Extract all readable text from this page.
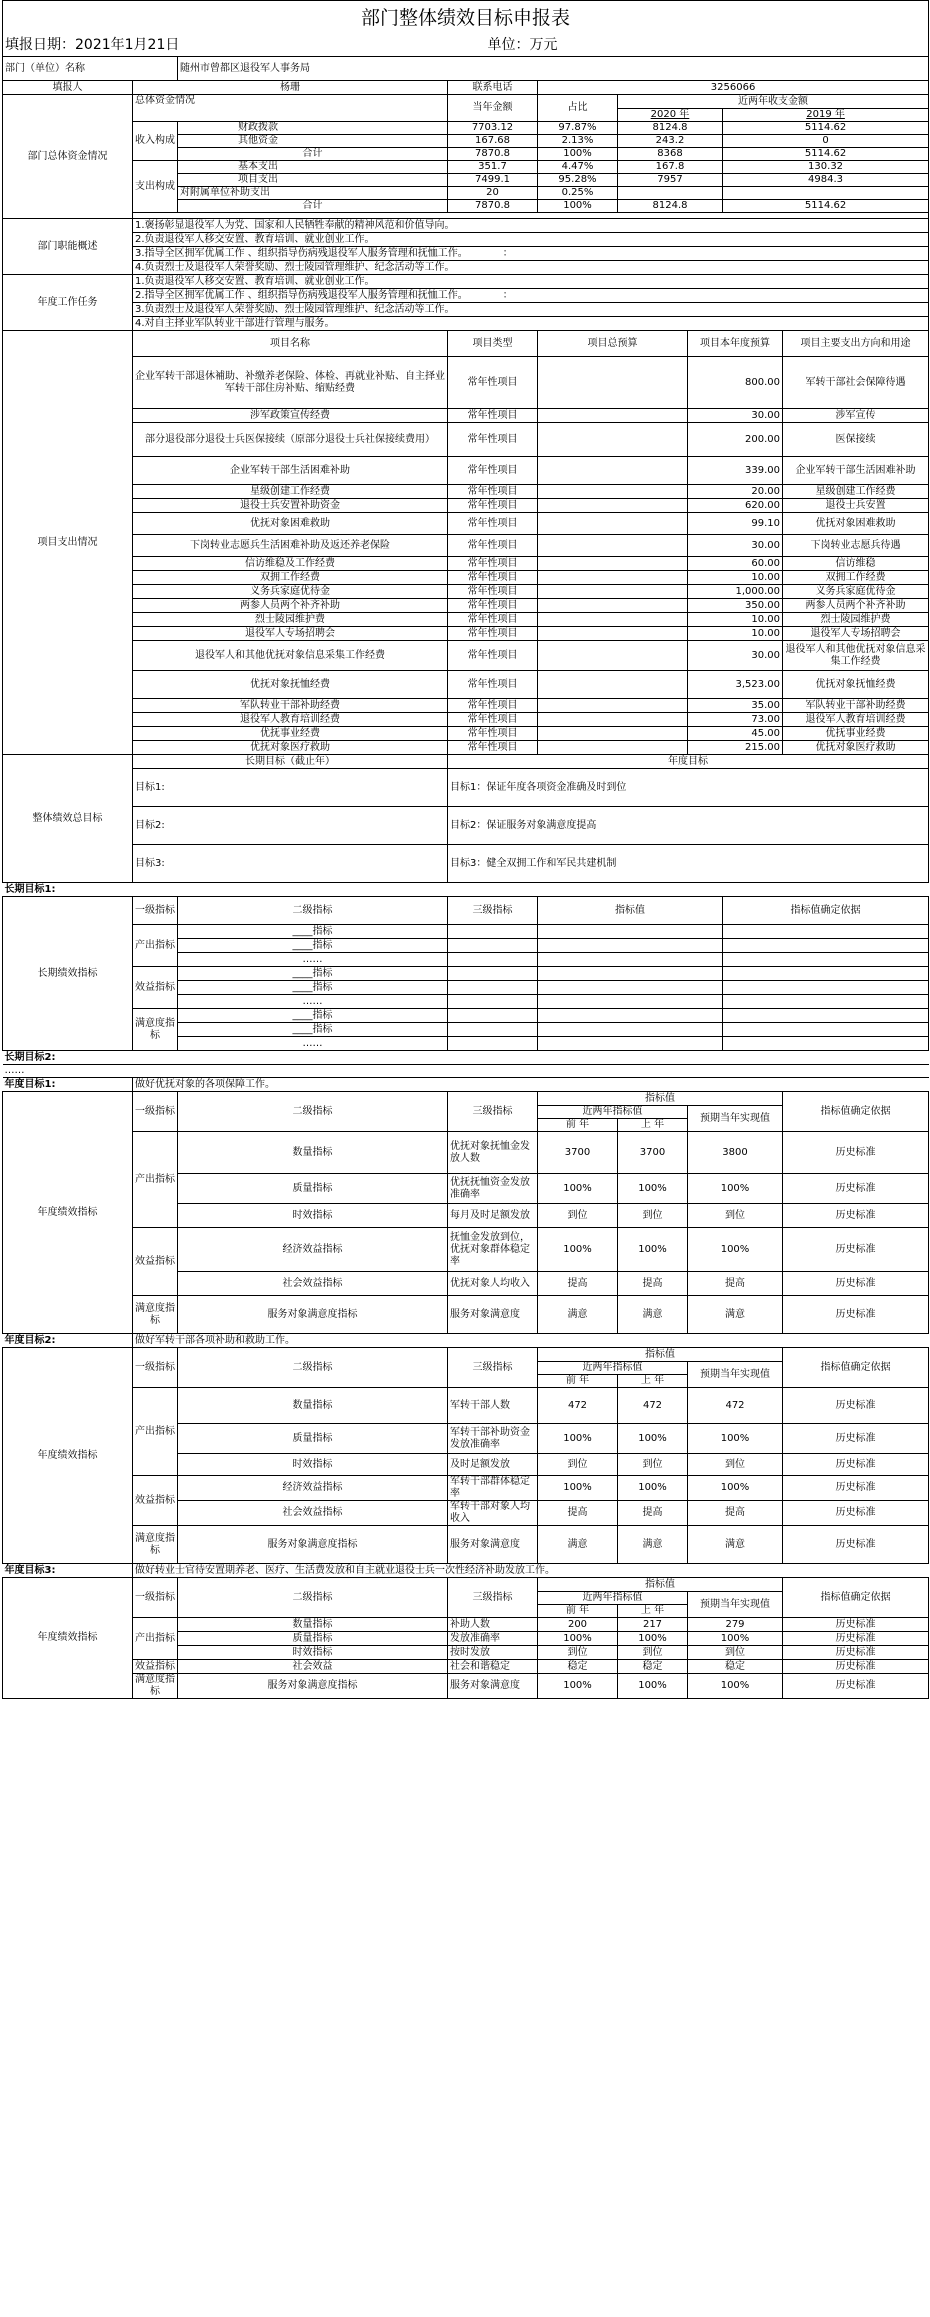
部门整体绩效目标申报表								
填报日期：2021年1月21日			单位：万元					
部门（单位）名称		随州市曾都区退役军人事务局						
填报人	杨珊		联系电话	3256066				
部门总体资金情况	总体资金情况		当年金额	占比	近两年收支金额			
					2020 年		2019 年	
	收入构成	财政拨款	7703.12	97.87%	8124.8		5114.62	
		其他资金	167.68	2.13%	243.2		0	
		合计	7870.8	100%	8368		5114.62	
	支出构成	基本支出	351.7	4.47%	167.8		130.32	
		项目支出	7499.1	95.28%	7957		4984.3	
		对附属单位补助支出	20	0.25%				
		合计	7870.8	100%	8124.8		5114.62	

部门职能概述	1.褒扬彰显退役军人为党、国家和人民牺牲奉献的精神风范和价值导向。							
	2.负责退役军人移交安置、教育培训、就业创业工作。							
	3.指导全区拥军优属工作 、组织指导伤病残退役军人服务管理和抚恤工作。　　　　：							
	4.负责烈士及退役军人荣誉奖励、烈士陵园管理维护、纪念活动等工作。							
年度工作任务	1.负责退役军人移交安置、教育培训、就业创业工作。							
	2.指导全区拥军优属工作 、组织指导伤病残退役军人服务管理和抚恤工作。　　　　：							
	3.负责烈士及退役军人荣誉奖励、烈士陵园管理维护、纪念活动等工作。							
	4.对自主择业军队转业干部进行管理与服务。							
项目支出情况	项目名称		项目类型	项目总预算		项目本年度预算		项目主要支出方向和用途
	企业军转干部退休補助、补缴养老保险、体检、再就业补贴、自主择业军转干部住房补贴、缩贴经费		常年性项目			800.00		军转干部社会保障待遇
	涉军政策宣传经费		常年性项目			30.00		涉军宣传
	部分退役部分退役士兵医保接续（原部分退役士兵社保接续费用）		常年性项目			200.00		医保接续
	企业军转干部生活困难补助		常年性项目			339.00		企业军转干部生活困难补助
	星级创建工作经费		常年性项目			20.00		星级创建工作经费
	退役士兵安置补助资金		常年性项目			620.00		退役士兵安置
	优抚对象困难救助		常年性项目			99.10		优抚对象困难救助
	下岗转业志愿兵生活困难补助及返还养老保险		常年性项目			30.00		下岗转业志愿兵待遇
	信访维稳及工作经费		常年性项目			60.00		信访维稳
	双拥工作经费		常年性项目			10.00		双拥工作经费
	义务兵家庭优待金		常年性项目			1,000.00		义务兵家庭优待金
	两参人员两个补齐补助		常年性项目			350.00		两参人员两个补齐补助
	烈士陵园维护费		常年性项目			10.00		烈士陵园维护费
	退役军人专场招聘会		常年性项目			10.00		退役军人专场招聘会
	退役军人和其他优抚对象信息采集工作经费		常年性项目			30.00		退役军人和其他优抚对象信息采集工作经费
	优抚对象抚恤经费		常年性项目			3,523.00		优抚对象抚恤经费
	军队转业干部补助经费		常年性项目			35.00		军队转业干部补助经费
	退役军人教育培训经费		常年性项目			73.00		退役军人教育培训经费
	优抚事业经费		常年性项目			45.00		优抚事业经费
	优抚对象医疗救助		常年性项目			215.00		优抚对象医疗救助
整体绩效总目标	长期目标（截止年）		年度目标					
	目标1:		目标1：保证年度各项资金准确及时到位					
	目标2:		目标2：保证服务对象满意度提高					
	目标3:		目标3：健全双拥工作和军民共建机制					
长期目标1:								
长期绩效指标	一级指标	二级指标	三级指标	指标值			指标值确定依据	
	产出指标	____指标						
		____指标						
		……						
	效益指标	____指标						
		____指标						
		……						
	满意度指标	____指标						
		____指标						
		……						
长期目标2:								
……								
年度目标1:	做好优抚对象的各项保障工作。							
年度绩效指标	一级指标	二级指标	三级指标	指标值				指标值确定依据
				近两年指标值		预期当年实现值		
				前 年	上 年			
	产出指标	数量指标	优抚对象抚恤金发放人数	3700	3700	3800		历史标准
		质量指标	优抚抚恤资金发放准确率	100%	100%	100%		历史标准
		时效指标	每月及时足额发放	到位	到位	到位		历史标准
	效益指标	经济效益指标	抚恤金发放到位，优抚对象群体稳定率	100%	100%	100%		历史标准
		社会效益指标	优抚对象人均收入	提高	提高	提高		历史标准
	满意度指标	服务对象满意度指标	服务对象满意度	满意	满意	满意		历史标准
年度目标2:	做好军转干部各项补助和救助工作。							
年度绩效指标	一级指标	二级指标	三级指标	指标值				指标值确定依据
				近两年指标值		预期当年实现值		
				前 年	上 年			
	产出指标	数量指标	军转干部人数	472	472	472		历史标准
		质量指标	军转干部补助资金发放准确率	100%	100%	100%		历史标准
		时效指标	及时足额发放	到位	到位	到位		历史标准
	效益指标	经济效益指标	军转干部群体稳定率	100%	100%	100%		历史标准
		社会效益指标	军转干部对象人均收入	提高	提高	提高		历史标准
	满意度指标	服务对象满意度指标	服务对象满意度	满意	满意	满意		历史标准
年度目标3:	做好转业士官待安置期养老、医疗、生活费发放和自主就业退役士兵一次性经济补助发放工作。							
年度绩效指标	一级指标	二级指标	三级指标	指标值				指标值确定依据
				近两年指标值		预期当年实现值		
				前 年	上 年			
	产出指标	数量指标	补助人数	200	217	279		历史标准
		质量指标	发放准确率	100%	100%	100%		历史标准
		时效指标	按时发放	到位	到位	到位		历史标准
	效益指标	社会效益	社会和谐稳定	稳定	稳定	稳定		历史标准
	满意度指标	服务对象满意度指标	服务对象满意度	100%	100%	100%		历史标准
